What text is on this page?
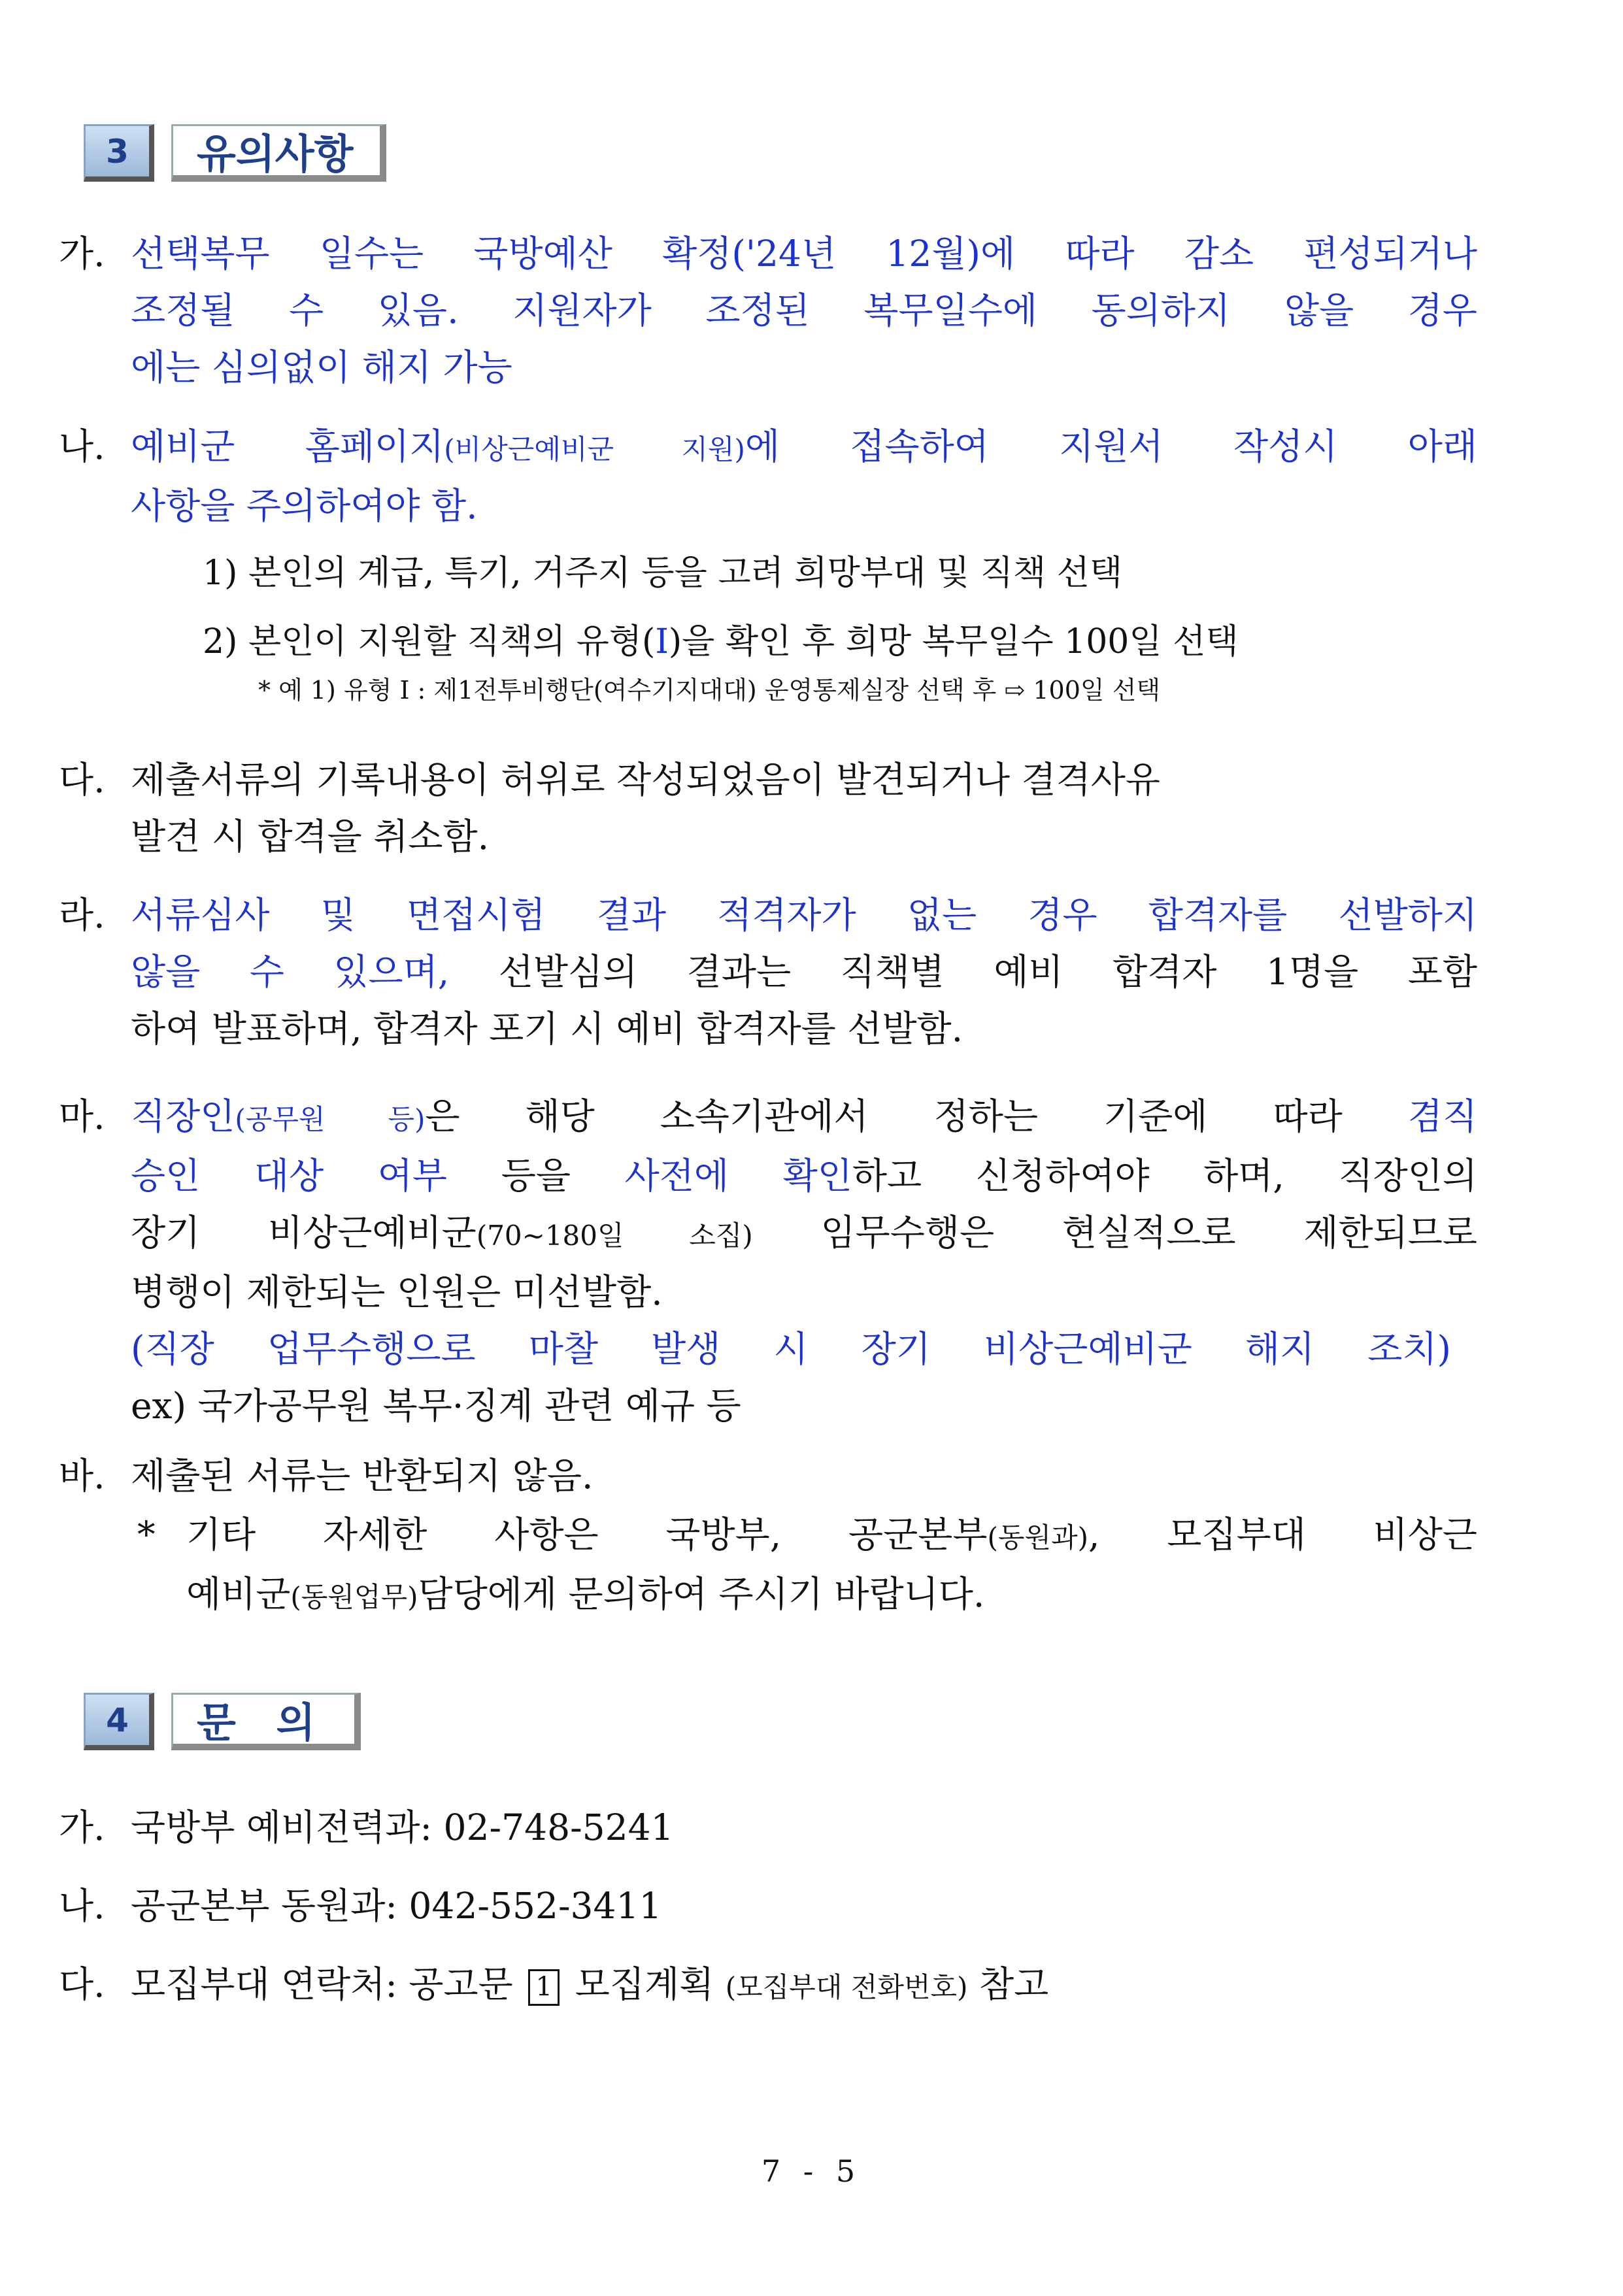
3	유의사항
가. 선택복무 일수는 국방예산 확정('24년 12월)에 따라 감소 편성되거나
조정될 수 있음. 지원자가 조정된 복무일수에 동의하지 않을 경우
에는 심의없이 해지 가능
나. 예비군 홈페이지(비상근예비군 지원)에 접속하여 지원서 작성시 아래
사항을 주의하여야 함.
1) 본인의 계급, 특기, 거주지 등을 고려 희망부대 및 직책 선택
2) 본인이 지원할 직책의 유형(I)을 확인 후 희망 복무일수 100일 선택
* 예 1) 유형 I : 제1전투비행단(여수기지대대) 운영통제실장 선택 후 ⇨ 100일 선택
다. 제출서류의 기록내용이 허위로 작성되었음이 발견되거나 결격사유
발견 시 합격을 취소함.
라. 서류심사 및 면접시험 결과 적격자가 없는 경우 합격자를 선발하지
않을 수 있으며, 선발심의 결과는 직책별 예비 합격자 1명을 포함
하여 발표하며, 합격자 포기 시 예비 합격자를 선발함.
마. 직장인(공무원 등)은 해당 소속기관에서 정하는 기준에 따라 겸직
승인 대상 여부 등을 사전에 확인하고 신청하여야 하며, 직장인의
장기 비상근예비군(70~180일 소집) 임무수행은 현실적으로 제한되므로
병행이 제한되는 인원은 미선발함.
(직장 업무수행으로 마찰 발생 시 장기 비상근예비군 해지 조치)
ex) 국가공무원 복무·징계 관련 예규 등
바. 제출된 서류는 반환되지 않음.
* 기타 자세한 사항은 국방부, 공군본부(동원과), 모집부대 비상근
예비군(동원업무)담당에게 문의하여 주시기 바랍니다.
4	문 의
가. 국방부 예비전력과: 02-748-5241
나. 공군본부 동원과: 042-552-3411
다. 모집부대 연락처: 공고문 1 모집계획 (모집부대 전화번호) 참고
7 - 5
